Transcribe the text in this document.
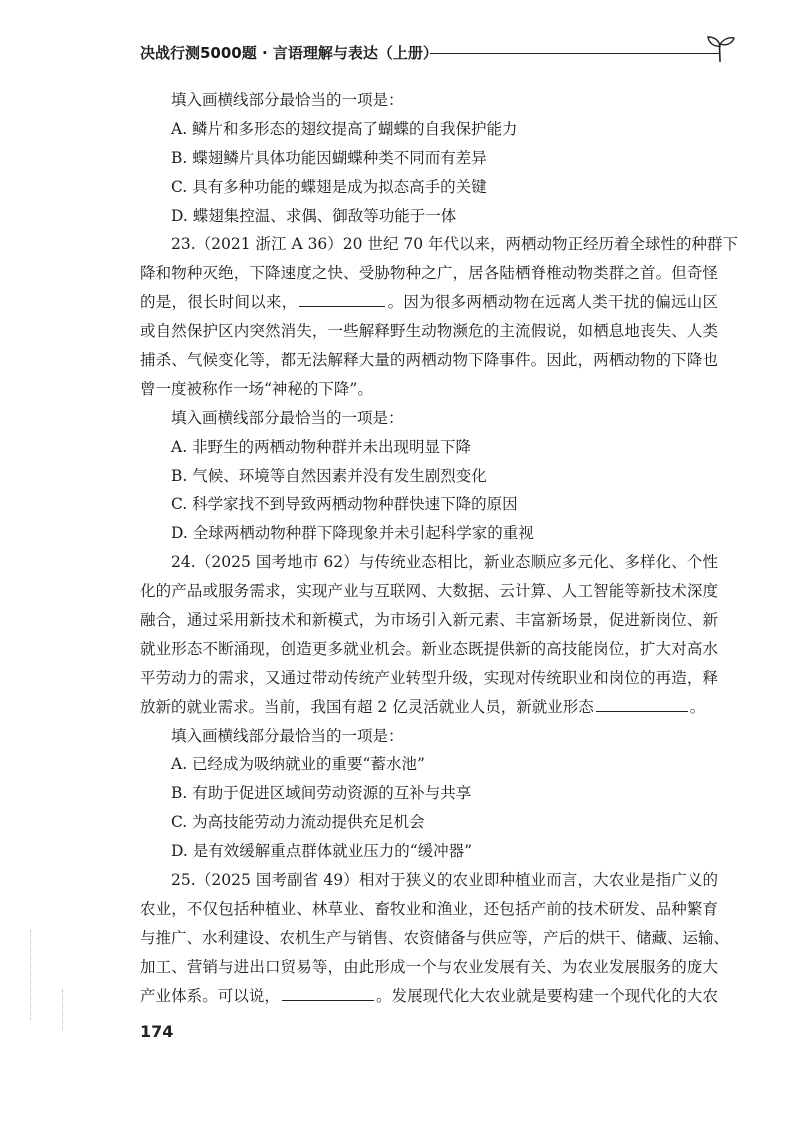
决战行测5000题 · 言语理解与表达（上册）
填入画横线部分最恰当的一项是：
A. 鳞片和多形态的翅纹提高了蝴蝶的自我保护能力
B. 蝶翅鳞片具体功能因蝴蝶种类不同而有差异
C. 具有多种功能的蝶翅是成为拟态高手的关键
D. 蝶翅集控温、求偶、御敌等功能于一体
23.（2021 浙江 A 36）20 世纪 70 年代以来，两栖动物正经历着全球性的种群下
降和物种灭绝，下降速度之快、受胁物种之广，居各陆栖脊椎动物类群之首。但奇怪
的是，很长时间以来，	。因为很多两栖动物在远离人类干扰的偏远山区
或自然保护区内突然消失，一些解释野生动物濒危的主流假说，如栖息地丧失、人类
捕杀、气候变化等，都无法解释大量的两栖动物下降事件。因此，两栖动物的下降也
曾一度被称作一场“神秘的下降”。
填入画横线部分最恰当的一项是：
A. 非野生的两栖动物种群并未出现明显下降
B. 气候、环境等自然因素并没有发生剧烈变化
C. 科学家找不到导致两栖动物种群快速下降的原因
D. 全球两栖动物种群下降现象并未引起科学家的重视
24.（2025 国考地市 62）与传统业态相比，新业态顺应多元化、多样化、个性
化的产品或服务需求，实现产业与互联网、大数据、云计算、人工智能等新技术深度
融合，通过采用新技术和新模式，为市场引入新元素、丰富新场景，促进新岗位、新
就业形态不断涌现，创造更多就业机会。新业态既提供新的高技能岗位，扩大对高水
平劳动力的需求，又通过带动传统产业转型升级，实现对传统职业和岗位的再造，释
放新的就业需求。当前，我国有超 2 亿灵活就业人员，新就业形态	。
填入画横线部分最恰当的一项是：
A. 已经成为吸纳就业的重要“蓄水池”
B. 有助于促进区域间劳动资源的互补与共享
C. 为高技能劳动力流动提供充足机会
D. 是有效缓解重点群体就业压力的“缓冲器”
25.（2025 国考副省 49）相对于狭义的农业即种植业而言，大农业是指广义的
农业，不仅包括种植业、林草业、畜牧业和渔业，还包括产前的技术研发、品种繁育
与推广、水利建设、农机生产与销售、农资储备与供应等，产后的烘干、储藏、运输、
加工、营销与进出口贸易等，由此形成一个与农业发展有关、为农业发展服务的庞大
产业体系。可以说，	。发展现代化大农业就是要构建一个现代化的大农
174
